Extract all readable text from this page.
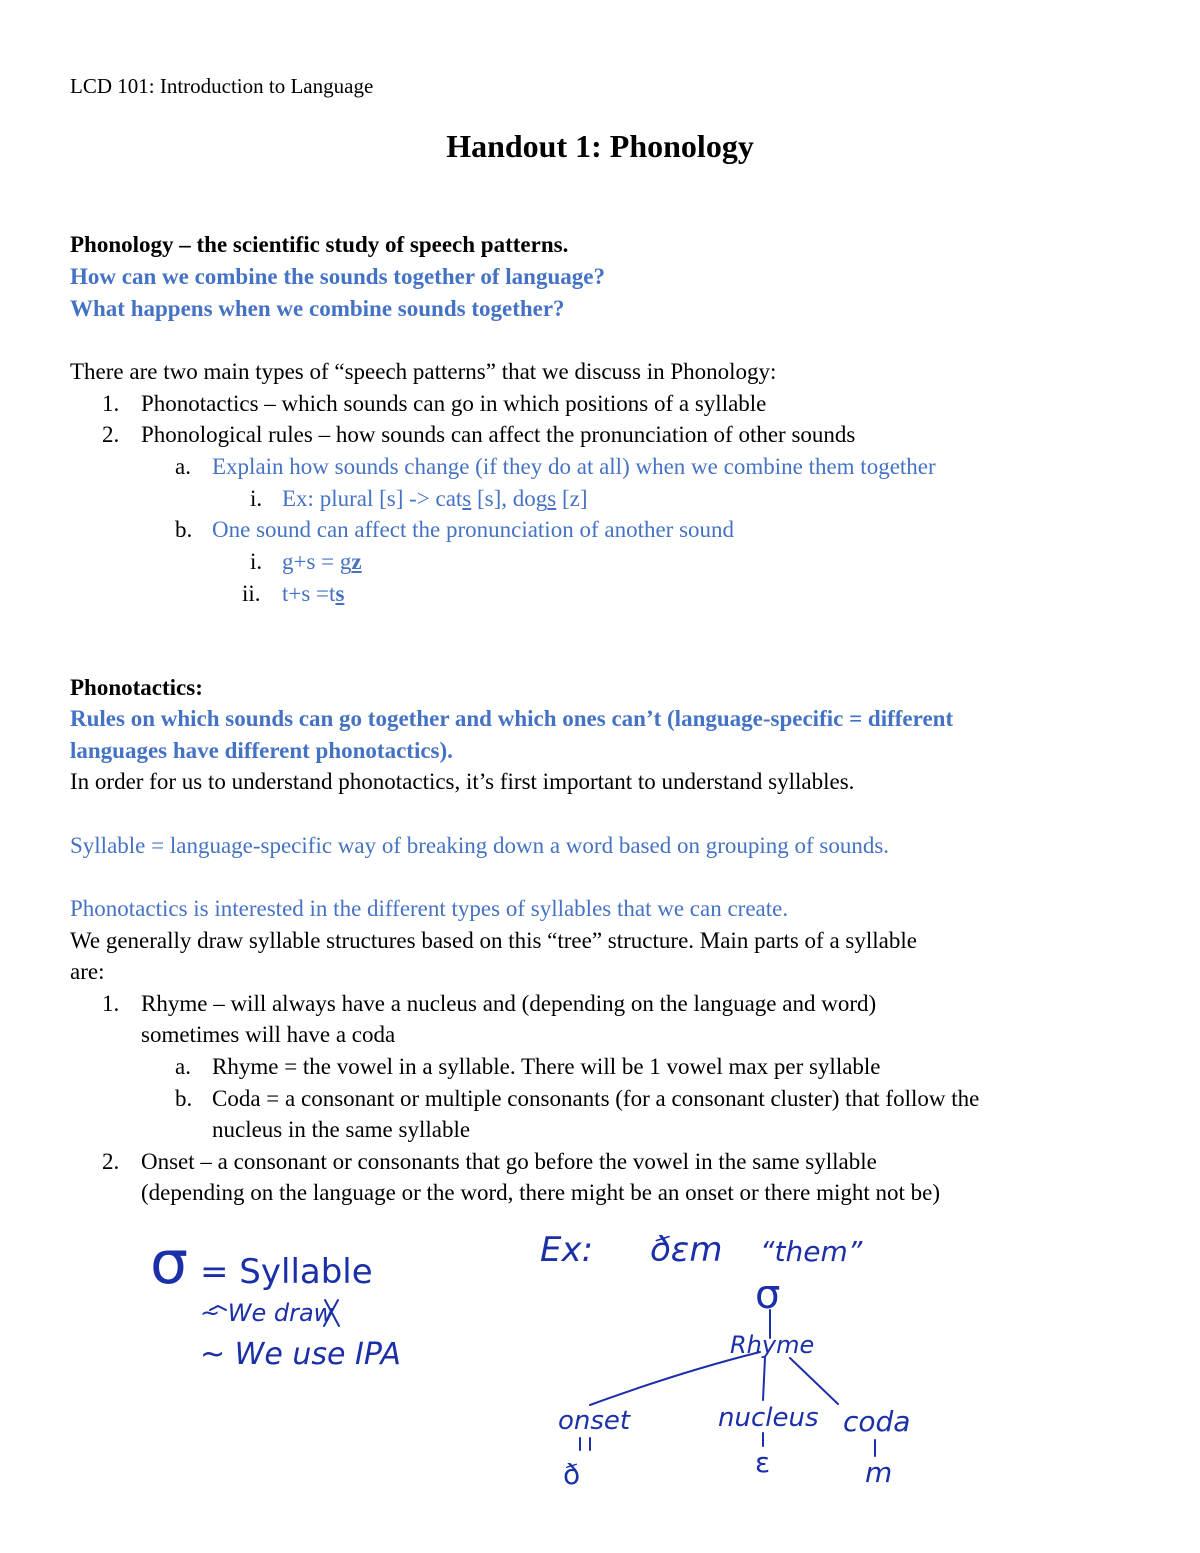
LCD 101: Introduction to Language
Handout 1: Phonology
Phonology – the scientific study of speech patterns.
How can we combine the sounds together of language?
What happens when we combine sounds together?
There are two main types of “speech patterns” that we discuss in Phonology:
1. Phonotactics – which sounds can go in which positions of a syllable
2. Phonological rules – how sounds can affect the pronunciation of other sounds
a. Explain how sounds change (if they do at all) when we combine them together
i. Ex: plural [s] -> cats [s], dogs [z]
b. One sound can affect the pronunciation of another sound
i. g+s = gz
ii. t+s =ts
Phonotactics:
Rules on which sounds can go together and which ones can’t (language-specific = different
languages have different phonotactics).
In order for us to understand phonotactics, it’s first important to understand syllables.
Syllable = language-specific way of breaking down a word based on grouping of sounds.
Phonotactics is interested in the different types of syllables that we can create.
We generally draw syllable structures based on this “tree” structure. Main parts of a syllable
are:
1. Rhyme – will always have a nucleus and (depending on the language and word)
sometimes will have a coda
a. Rhyme = the vowel in a syllable. There will be 1 vowel max per syllable
b. Coda = a consonant or multiple consonants (for a consonant cluster) that follow the
nucleus in the same syllable
2. Onset – a consonant or consonants that go before the vowel in the same syllable
(depending on the language or the word, there might be an onset or there might not be)
σ = Syllable
~ We draw
~ We use IPA
Ex: ðɛm “them”
σ
Rhyme
onset	nucleus coda
ð	ɛ	m
